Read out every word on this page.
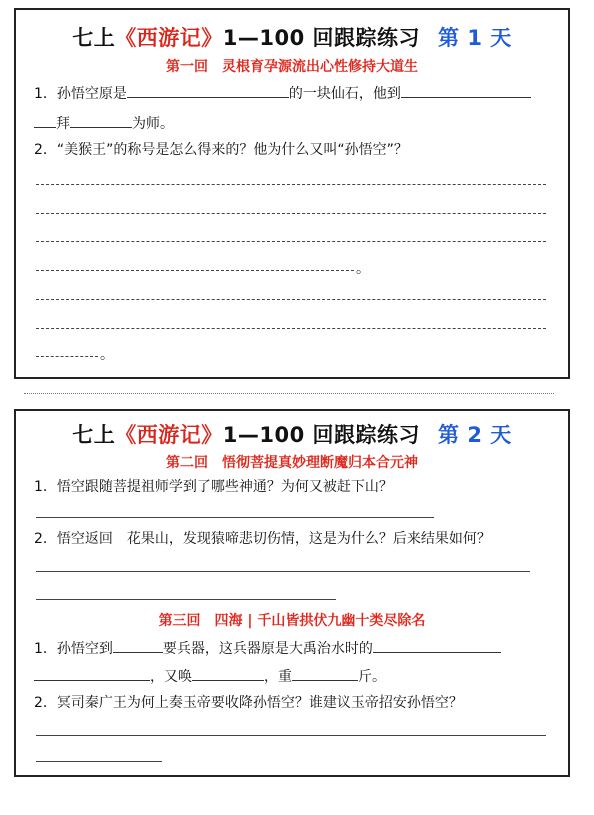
七上《西游记》1—100 回跟踪练习 第 1 天
第一回　灵根育孕源流出心性修持大道生
1．孙悟空原是	的一块仙石，他到
拜	为师。
2．“美猴王”的称号是怎么得来的？他为什么又叫“孙悟空”？
。
。
七上《西游记》1—100 回跟踪练习 第 2 天
第二回　悟彻菩提真妙理断魔归本合元神
1．悟空跟随菩提祖师学到了哪些神通？为何又被赶下山？
2．悟空返回　花果山，发现猿啼悲切伤情，这是为什么？后来结果如何？
第三回　四海 | 千山皆拱伏九幽十类尽除名
1．孙悟空到	要兵器，这兵器原是大禹治水时的
，又唤	，重	斤。
2．冥司秦广王为何上奏玉帝要收降孙悟空？谁建议玉帝招安孙悟空？
